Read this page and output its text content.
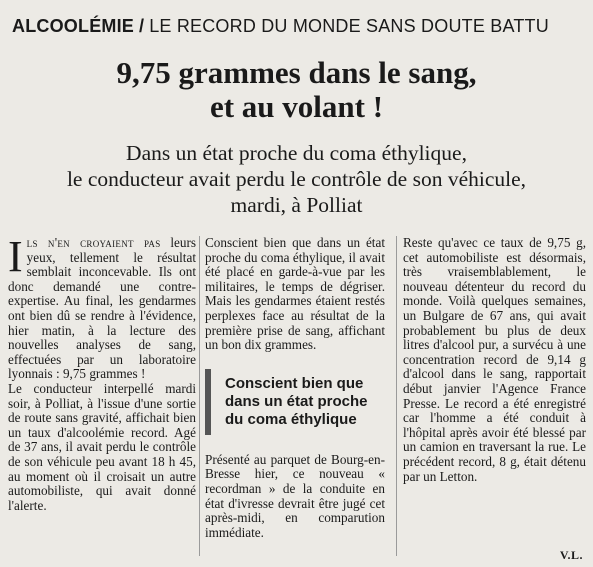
ALCOOLÉMIE / LE RECORD DU MONDE SANS DOUTE BATTU
9,75 grammes dans le sang,
et au volant !
Dans un état proche du coma éthylique,
le conducteur avait perdu le contrôle de son véhicule,
mardi, à Polliat

Ils n'en croyaient pas leurs yeux, tellement le résultat semblait inconcevable. Ils ont donc demandé une contre-expertise. Au final, les gendarmes ont bien dû se rendre à l'évidence, hier matin, à la lecture des nouvelles analyses de sang, effectuées par un laboratoire lyonnais : 9,75 grammes !

Le conducteur interpellé mardi soir, à Polliat, à l'issue d'une sortie de route sans gravité, affichait bien un taux d'alcoolémie record. Agé de 37 ans, il avait perdu le contrôle de son véhicule peu avant 18 h 45, au moment où il croisait un autre automobiliste, qui avait donné l'alerte.

Conscient bien que dans un état proche du coma éthylique, il avait été placé en garde-à-vue par les militaires, le temps de dégriser. Mais les gendarmes étaient restés perplexes face au résultat de la première prise de sang, affichant un bon dix grammes.

Conscient bien que dans un état proche du coma éthylique

Présenté au parquet de Bourg-en-Bresse hier, ce nouveau « recordman » de la conduite en état d'ivresse devrait être jugé cet après-midi, en comparution immédiate.

Reste qu'avec ce taux de 9,75 g, cet automobiliste est désormais, très vraisemblablement, le nouveau détenteur du record du monde. Voilà quelques semaines, un Bulgare de 67 ans, qui avait probablement bu plus de deux litres d'alcool pur, a survécu à une concentration record de 9,14 g d'alcool dans le sang, rapportait début janvier l'Agence France Presse. Le record a été enregistré car l'homme a été conduit à l'hôpital après avoir été blessé par un camion en traversant la rue. Le précédent record, 8 g, était détenu par un Letton.

V.L.
